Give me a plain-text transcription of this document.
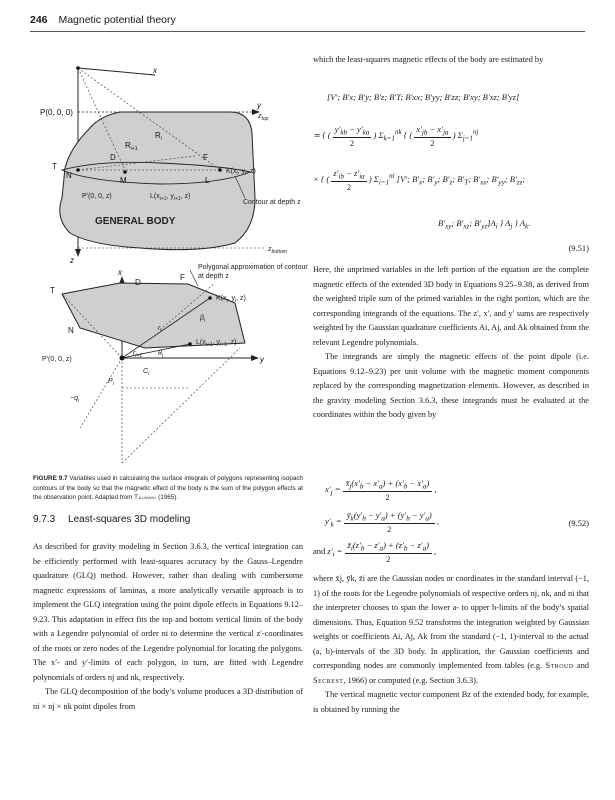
246 Magnetic potential theory
x
y
z
P(0, 0, 0)	$z_{top}$
$z_{bottom}$
$R_i$
$R_{i+1}$
D	F
T
N
M	L
$K(x_i$, $y_i$, z)
P′(0, 0, z)	$L(x_{i+1}$, $y_{i+1}$, z)
Contour at depth z
GENERAL BODY
Polygonal approximation of contour at depth z
x
y
D
F
T
N
$K(x_i$, $y_i$, z)
$L(x_{i+1}$, $y_{i+1}$, z)
P′(0, 0, z)
$r_i$
$r_{i+1}$
$\beta_i$
$\theta_i$
$C_i$
$P_i$
$-q_i$
FIGURE 9.7 Variables used in calculating the surface integrals of polygons representing isopach contours of the body so that the magnetic effect of the body is the sum of the polygon effects at the observation point. Adapted from Talwani (1965).
9.7.3 Least-squares 3D modeling

As described for gravity modeling in Section 3.6.3, the vertical integration can be efficiently performed with least-squares accuracy by the Gauss–Legendre quadrature (GLQ) method. However, rather than dealing with cumbersome magnetic expressions of laminas, a more analytically versatile approach is to implement the GLQ integration using the point dipole effects in Equations 9.12–9.23. This adaptation in effect fits the top and bottom vertical limits of the body with a Legendre polynomial of order ni to determine the vertical z′-coordinates of the roots or zero nodes of the Legendre polynomial for locating the polygons. The x′- and y′-limits of each polygon, in turn, are fitted with Legendre polynomials of orders nj and nk, respectively.

The GLQ decomposition of the body’s volume produces a 3D distribution of ni × nj × nk point dipoles from

which the least-squares magnetic effects of the body are estimated by

[V′; B′x; B′y; B′z; B′T; B′xx; B′yy; B′zz; B′xy; B′xz; B′yz]
≃ { ( $\frac{y'_{kb} - y'_{ka}}{2}$ ) $\Sigma_{k=1}^{nk}$ { ( $\frac{x'_{jb} - x'_{ja}}{2}$ ) $\Sigma_{j=1}^{nj}$
× { ( $\frac{z'_{ib} - z'_{ia}}{2}$ ) $\Sigma_{i=1}^{ni}$ [V′; $B'_x$; $B'_y$; $B'_z$; $B'_T$; $B'_{xx}$; $B'_{yy}$; $B'_{zz}$;
$B'_{xy}$; $B'_{xz}$; $B'_{yz}]A_i$ } $A_j$ } $A_k$.
(9.51)

Here, the unprimed variables in the left portion of the equation are the complete magnetic effects of the extended 3D body in Equations 9.25–9.38, as derived from the weighted triple sum of the primed variables in the right portion, which are the corresponding integrands of the equations. The z′, x′, and y′ sums are respectively weighted by the Gaussian quadrature coefficients Ai, Aj, and Ak obtained from the relevant Legendre polynomials.

The integrands are simply the magnetic effects of the point dipole (i.e. Equations 9.12–9.23) per unit volume with the magnetic moment components replaced by the corresponding magnetization elements. However, as described in the gravity modeling Section 3.6.3, these integrands must be evaluated at the coordinates within the body given by

$x'_j = \frac{x̄_j(x'_b - x'_a) + (x'_b - x'_a)}{2}$ ,
$y'_k = \frac{ȳ_k(y'_b - y'_a) + (y'_b - y'_a)}{2}$ ,	(9.52)
and $z'_i = \frac{z̄_i(z'_b - z'_a) + (z'_b - z'_a)}{2}$ ,

where x̄j, ȳk, z̄i are the Gaussian nodes or coordinates in the standard interval (−1, 1) of the roots for the Legendre polynomials of respective orders nj, nk, and ni that the interpreter chooses to span the lower a- to upper b-limits of the body’s spatial dimensions. Thus, Equation 9.52 transforms the integration weighted by Gaussian weights or coefficients Ai, Aj, Ak from the standard (−1, 1)-interval to the actual (a, b)-intervals of the 3D body. In application, the Gaussian coefficients and corresponding nodes are commonly implemented from tables (e.g. Stroud and Secrest, 1966) or computed (e.g. Section 3.6.3).

The vertical magnetic vector component Bz of the extended body, for example, is obtained by running the
